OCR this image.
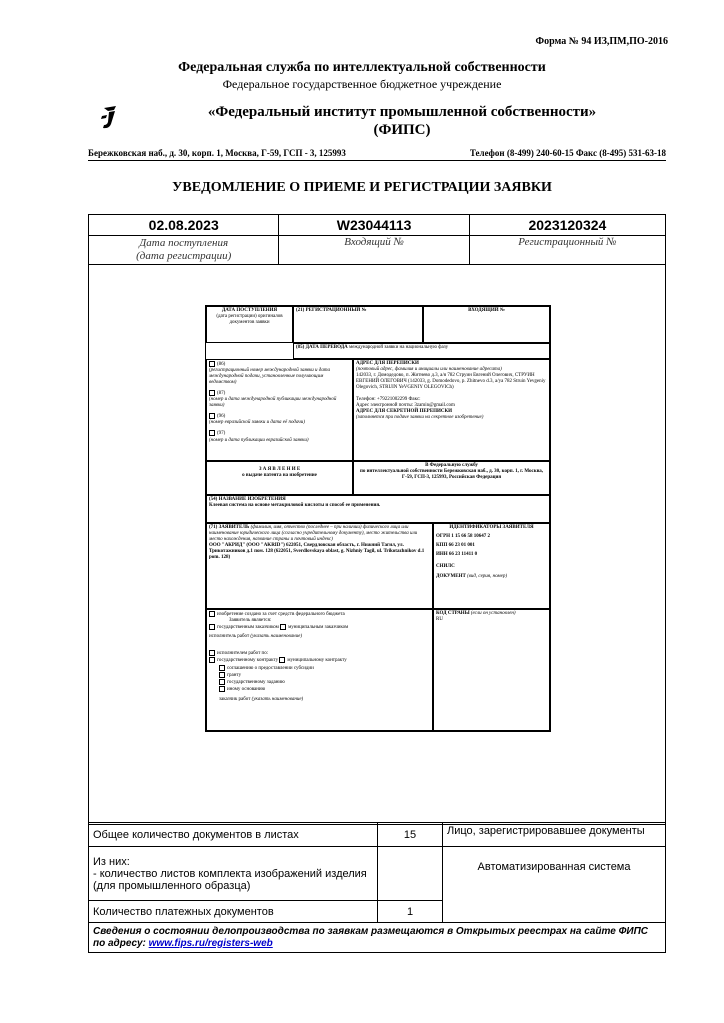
Форма № 94 ИЗ,ПМ,ПО-2016
Федеральная служба по интеллектуальной собственности
Федеральное государственное бюджетное учреждение
«Федеральный институт промышленной собственности»
(ФИПС)
Бережковская наб., д. 30, корп. 1, Москва, Г-59, ГСП - 3, 125993	Телефон (8-499) 240-60-15 Факс (8-495) 531-63-18
УВЕДОМЛЕНИЕ О ПРИЕМЕ И РЕГИСТРАЦИИ ЗАЯВКИ
02.08.2023	W23044113	2023120324

Дата поступления
(дата регистрации)	Входящий №	Регистрационный №
ДАТА ПОСТУПЛЕНИЯ
(дата регистрации) оригиналов документов заявки
(21) РЕГИСТРАЦИОННЫЙ №	ВХОДЯЩИЙ №
(85) ДАТА ПЕРЕВОДА международной заявки на национальную фазу
(86)
(регистрационный номер международной заявки и дата международной подачи, установленные получающим ведомством)
(87)
(номер и дата международной публикации международной заявки)
(96)
(номер евразийской заявки и дата её подачи)
(97)
(номер и дата публикации евразийской заявки)
АДРЕС ДЛЯ ПЕРЕПИСКИ
(почтовый адрес, фамилия и инициалы или наименование адресата)
142033, г. Домодедово, п. Житнево д.3, а/я 782 Струин Евгений Олегович, СТРУИН ЕВГЕНИЙ ОЛЕГОВИЧ (142033, g. Domodedovo, p. Zhitnevo d.3, a/ya 782 Struin Yevgeniy Olegovich, STRUIN YeVGENIY OLEGOVICh)
Телефон: +79221002299 Факс:
Адрес электронной почты: 3zamin@gmail.com
АДРЕС ДЛЯ СЕКРЕТНОЙ ПЕРЕПИСКИ
(заполняется при подаче заявки на секретное изобретение)
З А Я В Л Е Н И Е
о выдаче патента на изобретение
В Федеральную службу
по интеллектуальной собственности Бережковская наб., д. 30, корп. 1, г. Москва, Г-59, ГСП-3, 125993, Российская Федерация
(54) НАЗВАНИЕ ИЗОБРЕТЕНИЯ
Клеевая система на основе метакриловой кислоты и способ ее применения.
(71) ЗАЯВИТЕЛЬ (фамилия, имя, отчество (последнее – при наличии) физического лица или наименование юридического лица (согласно учредительному документу), место жительства или место нахождения, название страны и почтовый индекс)
ООО "АКРИД" (ООО "AKRID") 622051, Свердловская область, г. Нижний Тагил, ул. Трикотажников д.1 пом. 128 (622051, Sverdlovskaya oblast, g. Nizhniy Tagil, ul. Trikotazhnikov d.1 pom. 128)
ИДЕНТИФИКАТОРЫ ЗАЯВИТЕЛЯ
ОГРН 1 15 66 58 10647 2
КПП 66 23 01 001
ИНН 66 23 11411 0
СНИЛС
ДОКУМЕНТ (вид, серия, номер)
изобретение создано за счет средств федерального бюджета
Заявитель является:
государственным заказчиком муниципальным заказчиком
исполнитель работ (указать наименование)
исполнителем работ по:
государственному контракту муниципальному контракту
соглашению о предоставлении субсидии
гранту
государственному заданию
иному основанию
заказчик работ (указать наименование)
КОД СТРАНЫ (если он установлен)
RU
Общее количество документов в листах	15	Лицо, зарегистрировавшее документы

Из них:
- количество листов комплекта изображений изделия
(для промышленного образца)		Автоматизированная система
Количество платежных документов	1	
Сведения о состоянии делопроизводства по заявкам размещаются в Открытых реестрах на сайте ФИПС по адресу: www.fips.ru/registers-web		
